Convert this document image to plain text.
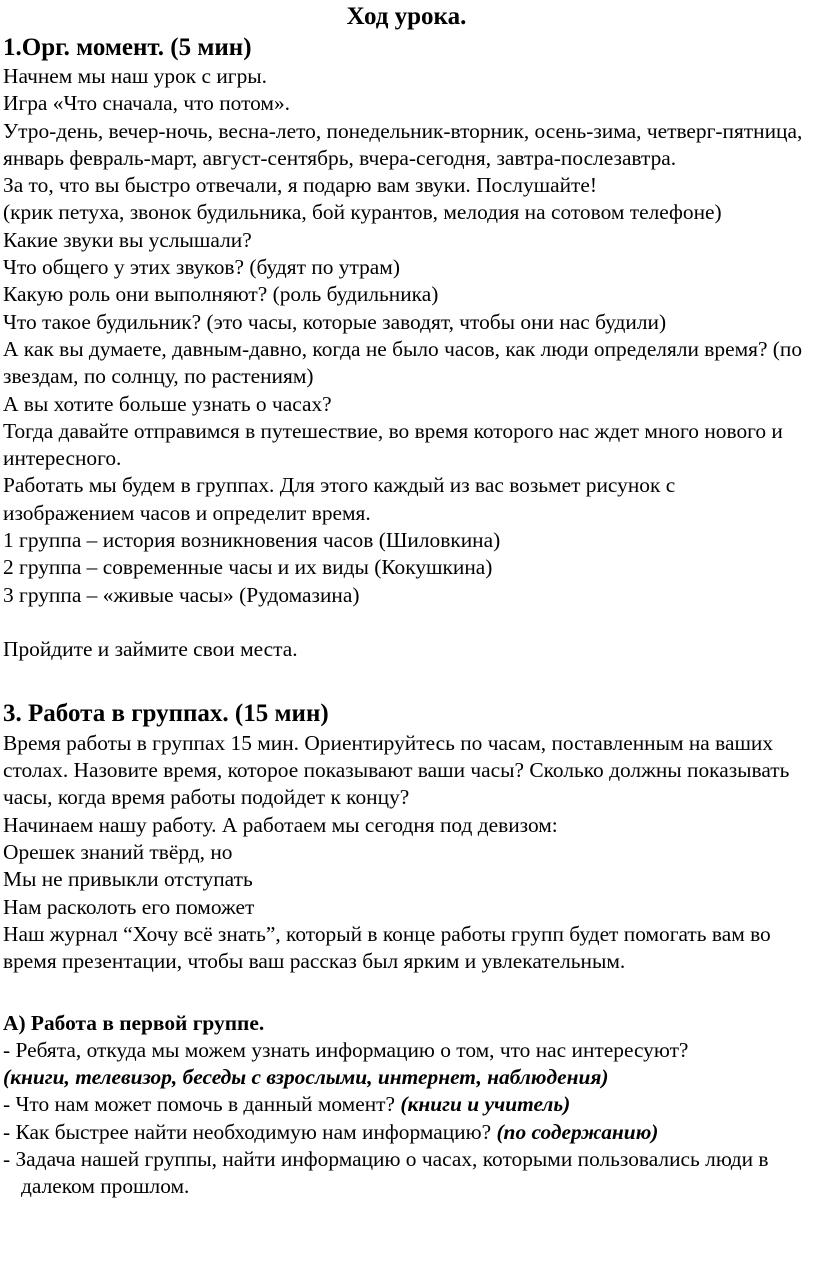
Ход урока.
1.Орг. момент. (5 мин)

Начнем мы наш урок с игры.

Игра «Что сначала, что потом».

Утро-день, вечер-ночь, весна-лето, понедельник-вторник, осень-зима, четверг-пятница, январь февраль-март, август-сентябрь, вчера-сегодня, завтра-послезавтра.

За то, что вы быстро отвечали, я подарю вам звуки. Послушайте!

(крик петуха, звонок будильника, бой курантов, мелодия на сотовом телефоне)

Какие звуки вы услышали?

Что общего у этих звуков? (будят по утрам)

Какую роль они выполняют? (роль будильника)

Что такое будильник? (это часы, которые заводят, чтобы они нас будили)

А как вы думаете, давным-давно, когда не было часов, как люди определяли время? (по звездам, по солнцу, по растениям)

А вы хотите больше узнать о часах?

Тогда давайте отправимся в путешествие, во время которого нас ждет много нового и интересного.

Работать мы будем в группах. Для этого каждый из вас возьмет рисунок с изображением часов и определит время.

1 группа – история возникновения часов (Шиловкина)

2 группа – современные часы и их виды (Кокушкина)

3 группа – «живые часы» (Рудомазина)

Пройдите и займите свои места.

3. Работа в группах. (15 мин)

Время работы в группах 15 мин. Ориентируйтесь по часам, поставленным на ваших столах. Назовите время, которое показывают ваши часы? Сколько должны показывать часы, когда время работы подойдет к концу?

Начинаем нашу работу. А работаем мы сегодня под девизом:

Орешек знаний твёрд, но

Мы не привыкли отступать

Нам расколоть его поможет

Наш журнал “Хочу всё знать”, который в конце работы групп будет помогать вам во время презентации, чтобы ваш рассказ был ярким и увлекательным.

А) Работа в первой группе.

- Ребята, откуда мы можем узнать информацию о том, что нас интересуют?

(книги, телевизор, беседы с взрослыми, интернет, наблюдения)

- Что нам может помочь в данный момент? (книги и учитель)

- Как быстрее найти необходимую нам информацию? (по содержанию)

- Задача нашей группы, найти информацию о часах, которыми пользовались люди в далеком прошлом.
